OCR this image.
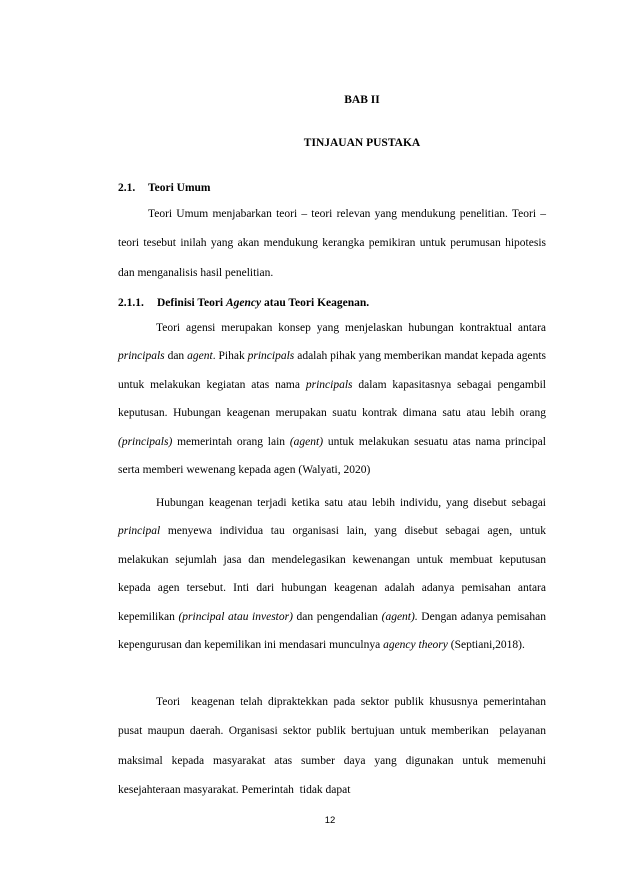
BAB II
TINJAUAN PUSTAKA
2.1. Teori Umum

Teori Umum menjabarkan teori – teori relevan yang mendukung penelitian. Teori – teori tesebut inilah yang akan mendukung kerangka pemikiran untuk perumusan hipotesis dan menganalisis hasil penelitian.

2.1.1. Definisi Teori Agency atau Teori Keagenan.

Teori agensi merupakan konsep yang menjelaskan hubungan kontraktual antara principals dan agent. Pihak principals adalah pihak yang memberikan mandat kepada agents untuk melakukan kegiatan atas nama principals dalam kapasitasnya sebagai pengambil keputusan. Hubungan keagenan merupakan suatu kontrak dimana satu atau lebih orang (principals) memerintah orang lain (agent) untuk melakukan sesuatu atas nama principal serta memberi wewenang kepada agen (Walyati, 2020)

Hubungan keagenan terjadi ketika satu atau lebih individu, yang disebut sebagai principal menyewa individua tau organisasi lain, yang disebut sebagai agen, untuk melakukan sejumlah jasa dan mendelegasikan kewenangan untuk membuat keputusan kepada agen tersebut. Inti dari hubungan keagenan adalah adanya pemisahan antara kepemilikan (principal atau investor) dan pengendalian (agent). Dengan adanya pemisahan kepengurusan dan kepemilikan ini mendasari munculnya agency theory (Septiani,2018).

Teori  keagenan telah dipraktekkan pada sektor publik khususnya pemerintahan pusat maupun daerah. Organisasi sektor publik bertujuan untuk memberikan  pelayanan maksimal kepada masyarakat atas sumber daya yang digunakan untuk memenuhi kesejahteraan masyarakat. Pemerintah  tidak dapat

12
